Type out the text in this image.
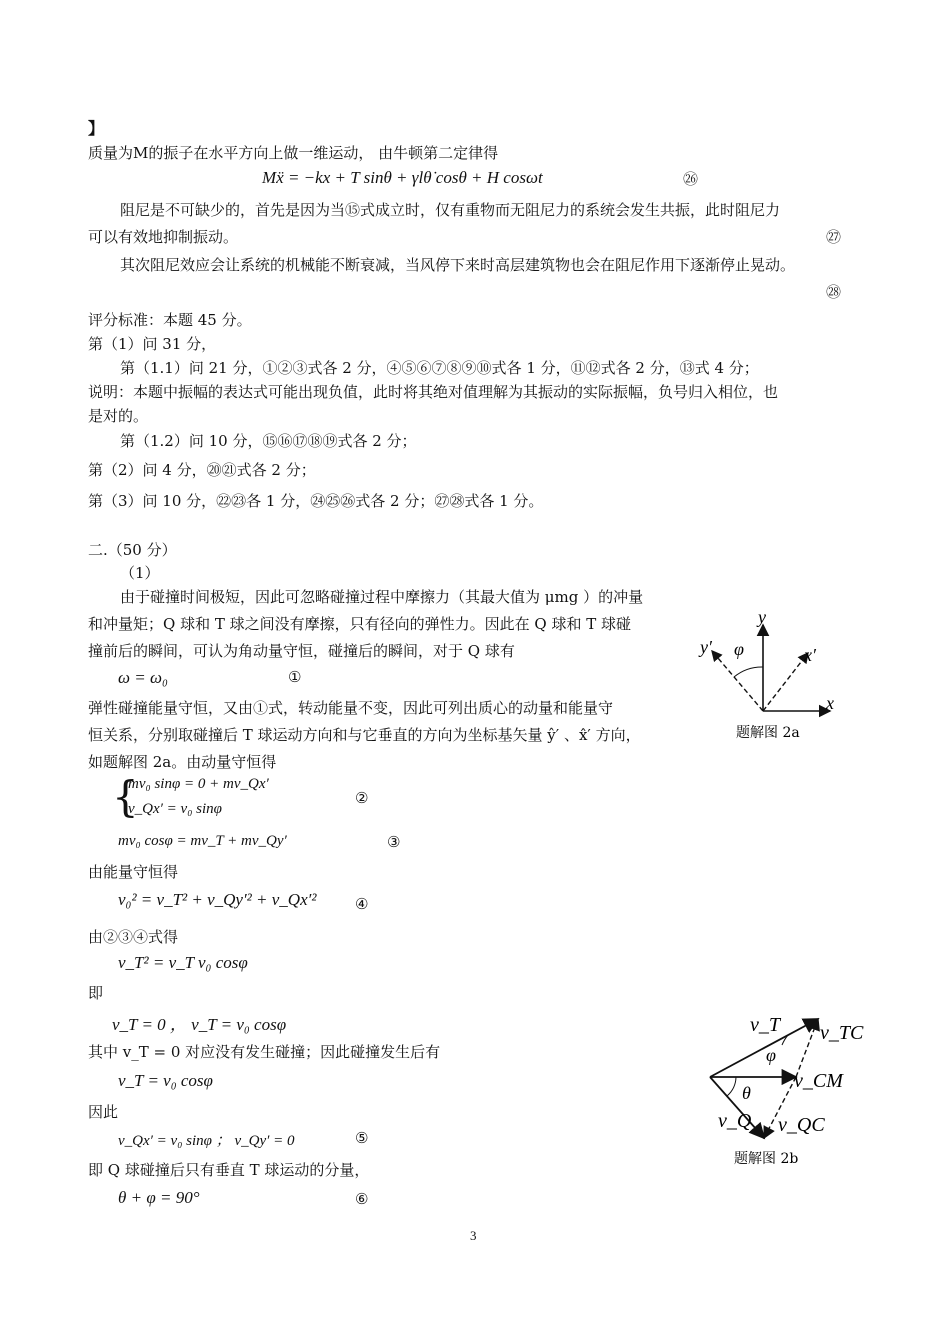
】
质量为M的振子在水平方向上做一维运动， 由牛顿第二定律得
Mẍ = −kx + T sinθ + γlθ̇ cosθ + H cosωt	㉖
阻尼是不可缺少的，首先是因为当⑮式成立时，仅有重物而无阻尼力的系统会发生共振，此时阻尼力
可以有效地抑制振动。	㉗
其次阻尼效应会让系统的机械能不断衰减，当风停下来时高层建筑物也会在阻尼作用下逐渐停止晃动。
㉘
评分标准：本题 45 分。
第（1）问 31 分，
第（1.1）问 21 分，①②③式各 2 分，④⑤⑥⑦⑧⑨⑩式各 1 分，⑪⑫式各 2 分，⑬式 4 分；
说明：本题中振幅的表达式可能出现负值，此时将其绝对值理解为其振动的实际振幅，负号归入相位，也
是对的。
第（1.2）问 10 分，⑮⑯⑰⑱⑲式各 2 分；
第（2）问 4 分，⑳㉑式各 2 分；
第（3）问 10 分，㉒㉓各 1 分，㉔㉕㉖式各 2 分；㉗㉘式各 1 分。
二.（50 分）
（1）
由于碰撞时间极短，因此可忽略碰撞过程中摩擦力（其最大值为 μmg ）的冲量
和冲量矩；Q 球和 T 球之间没有摩擦，只有径向的弹性力。因此在 Q 球和 T 球碰
撞前后的瞬间，可认为角动量守恒，碰撞后的瞬间，对于 Q 球有
ω = ω₀	①
弹性碰撞能量守恒，又由①式，转动能量不变，因此可列出质心的动量和能量守
恒关系，分别取碰撞后 T 球运动方向和与它垂直的方向为坐标基矢量 ŷ′ 、x̂′ 方向，
如题解图 2a。由动量守恒得
{
mv₀ sinφ = 0 + mv_Qx′
v_Qx′ = v₀ sinφ
②
mv₀ cosφ = mv_T + mv_Qy′	③
由能量守恒得
v₀² = v_T² + v_Qy′² + v_Qx′²	④
由②③④式得
v_T² = v_T v₀ cosφ
即
v_T = 0 ， v_T = v₀ cosφ
其中 v_T = 0 对应没有发生碰撞；因此碰撞发生后有
v_T = v₀ cosφ
因此
v_Qx′ = v₀ sinφ ； v_Qy′ = 0	⑤
即 Q 球碰撞后只有垂直 T 球运动的分量，
θ + φ = 90°	⑥
y
x
y′	x′
φ
题解图 2a
v_T v_TC
v_CM
v_Q v_QC
φ
θ
题解图 2b
3
